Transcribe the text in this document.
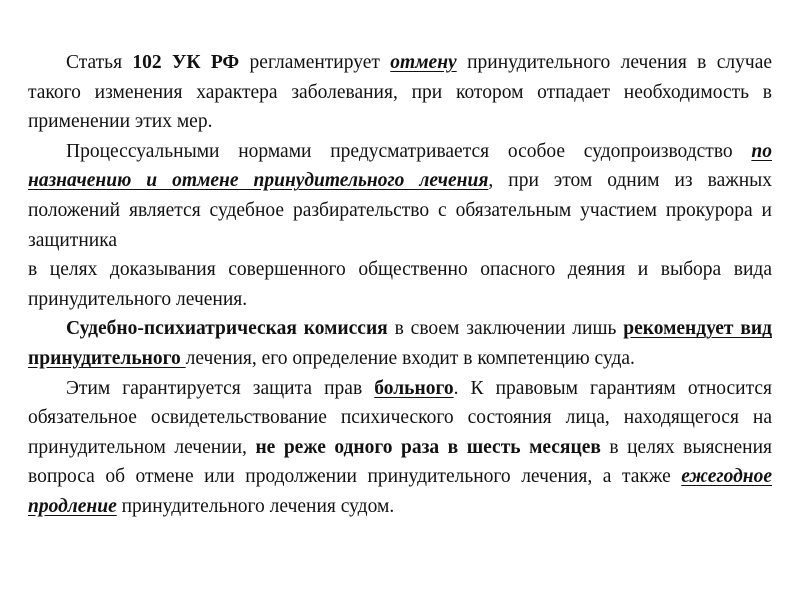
Статья 102 УК РФ регламентирует отмену принудительного лечения в случае такого изменения характера заболевания, при котором отпадает необходимость в применении этих мер.

Процессуальными нормами предусматривается особое судопроизводство по назначению и отмене принудительного лечения, при этом одним из важных положений является судебное разбирательство с обязательным участием прокурора и защитника

в целях доказывания совершенного общественно опасного деяния и выбора вида принудительного лечения.

Судебно-психиатрическая комиссия в своем заключении лишь рекомендует вид принудительного лечения, его определение входит в компетенцию суда.

Этим гарантируется защита прав больного. К правовым гарантиям относится обязательное освидетельствование психического состояния лица, находящегося на принудительном лечении, не реже одного раза в шесть месяцев в целях выяснения вопроса об отмене или продолжении принудительного лечения, а также ежегодное продление принудительного лечения судом.
